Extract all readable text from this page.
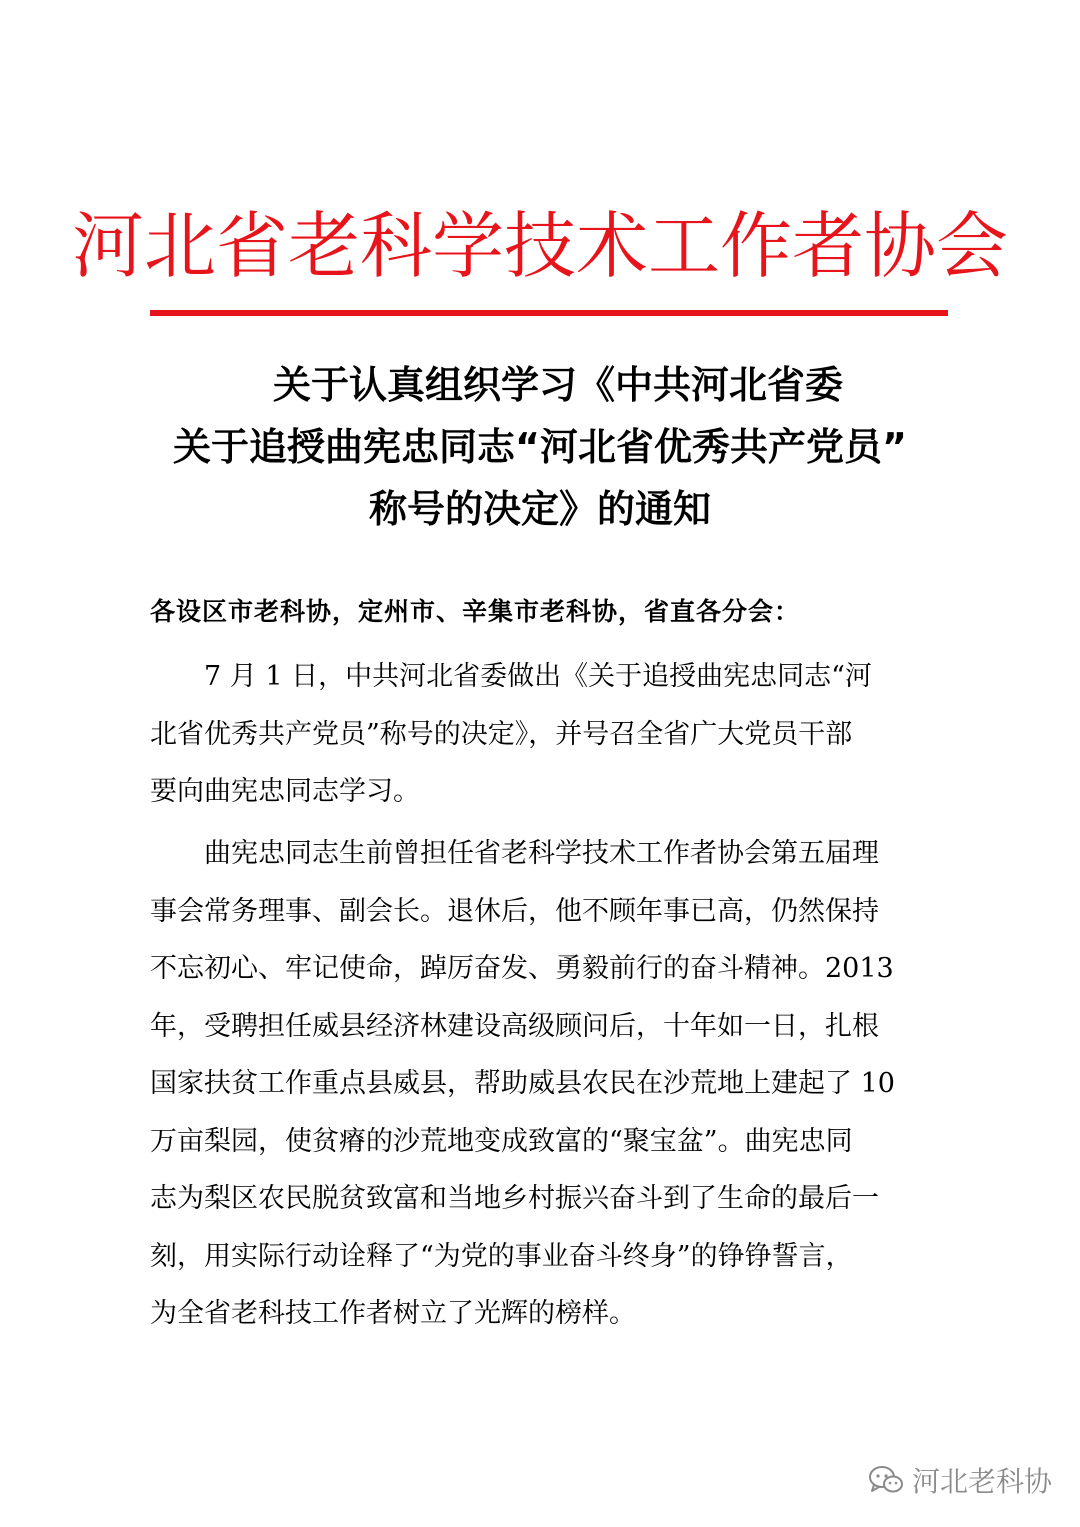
河北省老科学技术工作者协会
关于认真组织学习《中共河北省委
关于追授曲宪忠同志“河北省优秀共产党员”
称号的决定》的通知
各设区市老科协，定州市、辛集市老科协，省直各分会：
　　7 月 1 日，中共河北省委做出《关于追授曲宪忠同志“河
北省优秀共产党员”称号的决定》，并号召全省广大党员干部
要向曲宪忠同志学习。
　　曲宪忠同志生前曾担任省老科学技术工作者协会第五届理
事会常务理事、副会长。退休后，他不顾年事已高，仍然保持
不忘初心、牢记使命，踔厉奋发、勇毅前行的奋斗精神。2013
年，受聘担任威县经济林建设高级顾问后，十年如一日，扎根
国家扶贫工作重点县威县，帮助威县农民在沙荒地上建起了 10
万亩梨园，使贫瘠的沙荒地变成致富的“聚宝盆”。曲宪忠同
志为梨区农民脱贫致富和当地乡村振兴奋斗到了生命的最后一
刻，用实际行动诠释了“为党的事业奋斗终身”的铮铮誓言，
为全省老科技工作者树立了光辉的榜样。
河北老科协
